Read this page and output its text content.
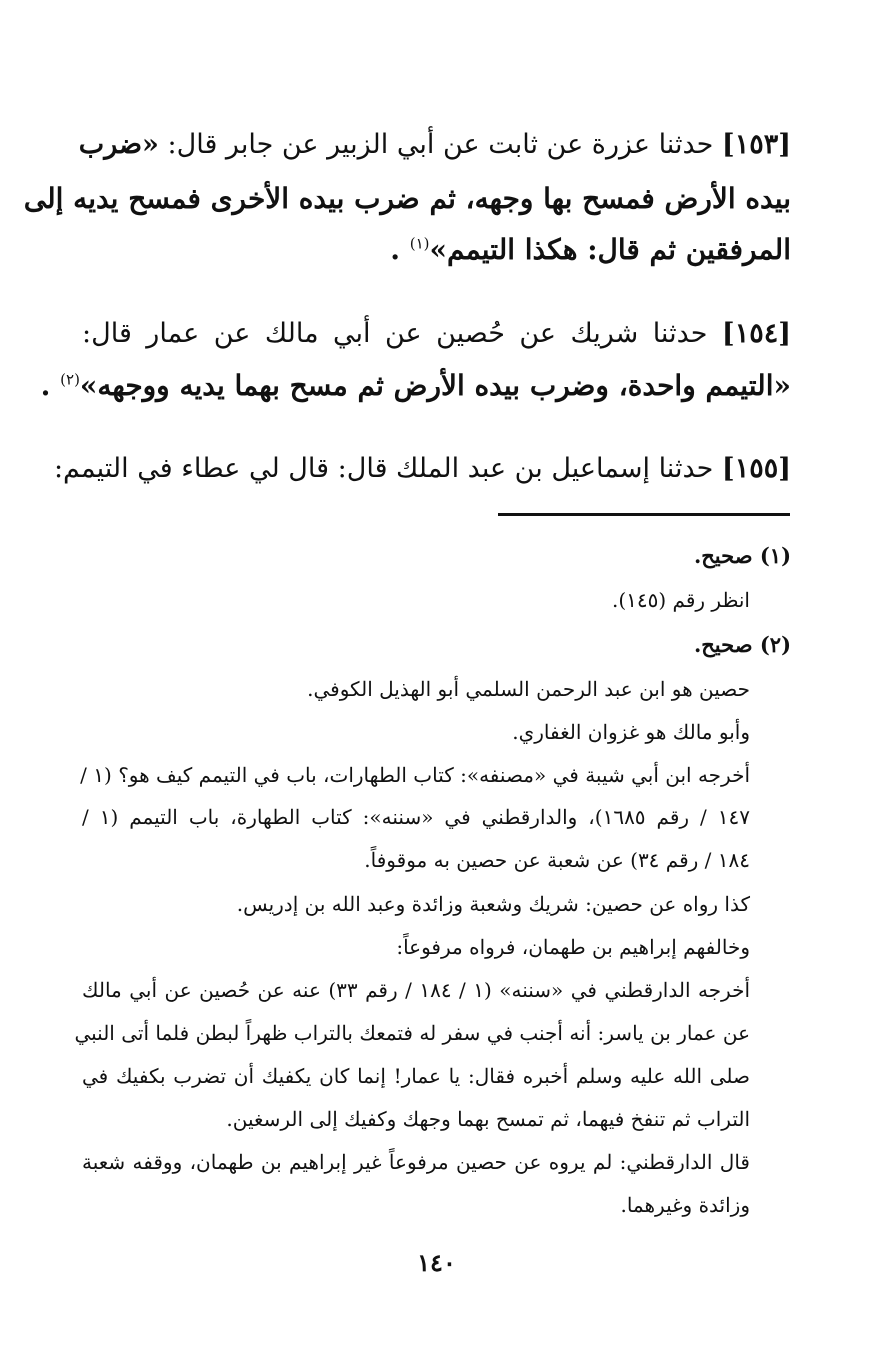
[١٥٣] حدثنا عزرة عن ثابت عن أبي الزبير عن جابر قال: «ضرب
بيده الأرض فمسح بها وجهه، ثم ضرب بيده الأخرى فمسح يديه إلى
المرفقين ثم قال: هكذا التيمم»$^{(١)}$ .
[١٥٤] حدثنا شريك عن حُصين عن أبي مالك عن عمار قال:
«التيمم واحدة، وضرب بيده الأرض ثم مسح بهما يديه ووجهه»$^{(٢)}$ .
[١٥٥] حدثنا إسماعيل بن عبد الملك قال: قال لي عطاء في التيمم:
(١) صحيح.
انظر رقم (١٤٥).
(٢) صحيح.
حصين هو ابن عبد الرحمن السلمي أبو الهذيل الكوفي.
وأبو مالك هو غزوان الغفاري.
أخرجه ابن أبي شيبة في «مصنفه»: كتاب الطهارات، باب في التيمم كيف هو؟ (١ /
١٤٧ / رقم ١٦٨٥)، والدارقطني في «سننه»: كتاب الطهارة، باب التيمم (١ /
١٨٤ / رقم ٣٤) عن شعبة عن حصين به موقوفاً.
كذا رواه عن حصين: شريك وشعبة وزائدة وعبد الله بن إدريس.
وخالفهم إبراهيم بن طهمان، فرواه مرفوعاً:
أخرجه الدارقطني في «سننه» (١ / ١٨٤ / رقم ٣٣) عنه عن حُصين عن أبي مالك
عن عمار بن ياسر: أنه أجنب في سفر له فتمعك بالتراب ظهراً لبطن فلما أتى النبي
صلى الله عليه وسلم أخبره فقال: يا عمار! إنما كان يكفيك أن تضرب بكفيك في
التراب ثم تنفخ فيهما، ثم تمسح بهما وجهك وكفيك إلى الرسغين.
قال الدارقطني: لم يروه عن حصين مرفوعاً غير إبراهيم بن طهمان، ووقفه شعبة
وزائدة وغيرهما.
١٤٠
